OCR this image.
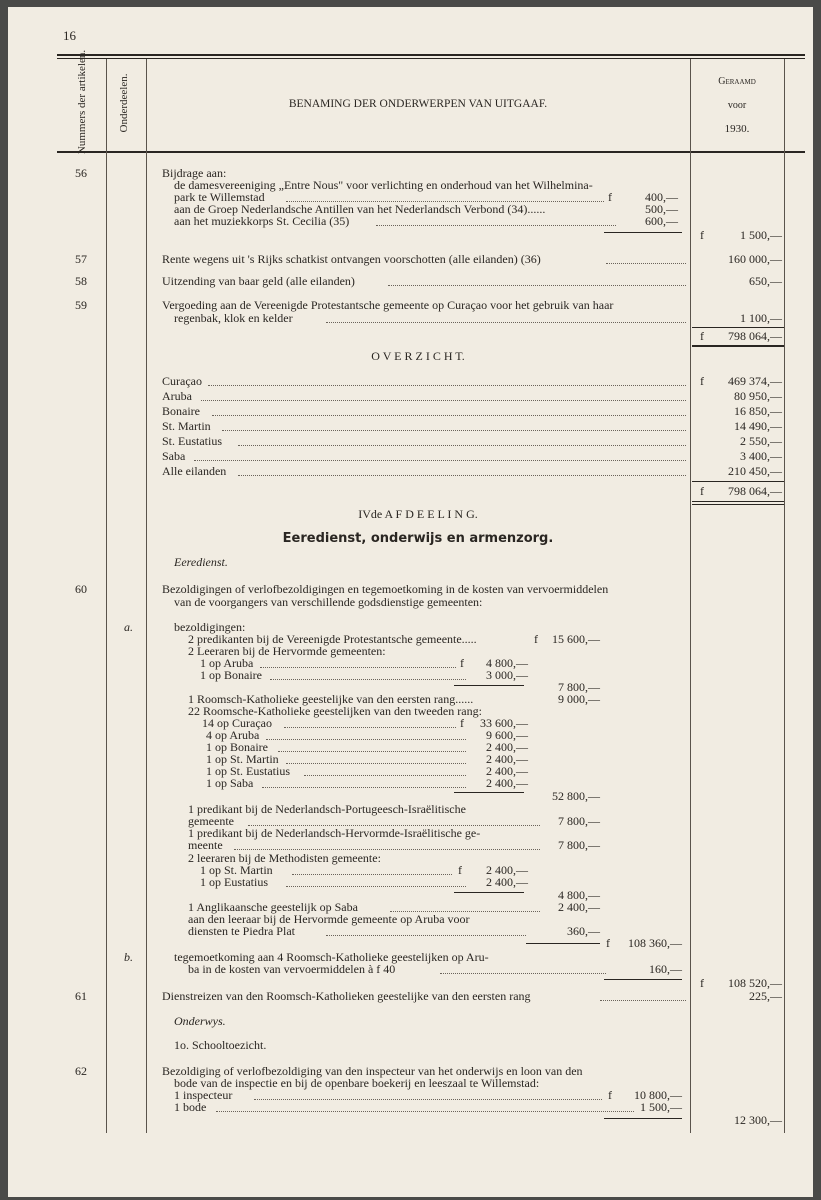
16
Nummers der artikelen.	Onderdeelen.	BENAMING DER ONDERWERPEN VAN UITGAAF.
Geraamd
voor
1930.
56	Bijdrage aan:
de damesvereeniging „Entre Nous" voor verlichting en onderhoud van het Wilhelmina-
park te Willemstad	f	400,—
aan de Groep Nederlandsche Antillen van het Nederlandsch Verbond (34)......	500,—
aan het muziekkorps St. Cecilia (35)	600,—
f	1 500,—
57	Rente wegens uit 's Rijks schatkist ontvangen voorschotten (alle eilanden) (36)	160 000,—
58	Uitzending van baar geld (alle eilanden)	650,—
59	Vergoeding aan de Vereenigde Protestantsche gemeente op Curaçao voor het gebruik van haar
regenbak, klok en kelder	1 100,—
f	798 064,—
O V E R Z I C H T.
Curaçao	f	469 374,—
Aruba	80 950,—
Bonaire	16 850,—
St. Martin	14 490,—
St. Eustatius	2 550,—
Saba	3 400,—
Alle eilanden	210 450,—
f	798 064,—
IVde A F D E E L I N G.
Eeredienst, onderwijs en armenzorg.
Eeredienst.
60	Bezoldigingen of verlofbezoldigingen en tegemoetkoming in de kosten van vervoermiddelen
van de voorgangers van verschillende godsdienstige gemeenten:
a.	bezoldigingen:
2 predikanten bij de Vereenigde Protestantsche gemeente.....	f	15 600,—
2 Leeraren bij de Hervormde gemeenten:
1 op Aruba	f	4 800,—
1 op Bonaire	3 000,—
7 800,—
1 Roomsch-Katholieke geestelijke van den eersten rang......	9 000,—
22 Roomsche-Katholieke geestelijken van den tweeden rang:
14 op Curaçao	f	33 600,—
4 op Aruba	9 600,—
1 op Bonaire	2 400,—
1 op St. Martin	2 400,—
1 op St. Eustatius	2 400,—
1 op Saba	2 400,—
52 800,—
1 predikant bij de Nederlandsch-Portugeesch-Israëlitische
gemeente	7 800,—
1 predikant bij de Nederlandsch-Hervormde-Israëlitische ge-
meente	7 800,—
2 leeraren bij de Methodisten gemeente:
1 op St. Martin	f	2 400,—
1 op Eustatius	2 400,—
4 800,—
1 Anglikaansche geestelijk op Saba	2 400,—
aan den leeraar bij de Hervormde gemeente op Aruba voor
diensten te Piedra Plat	360,—
f	108 360,—
b.	tegemoetkoming aan 4 Roomsch-Katholieke geestelijken op Aru-
ba in de kosten van vervoermiddelen à f 40	160,—
f	108 520,—
61	Dienstreizen van den Roomsch-Katholieken geestelijke van den eersten rang	225,—
Onderwys.
1o. Schooltoezicht.
62	Bezoldiging of verlofbezoldiging van den inspecteur van het onderwijs en loon van den
bode van de inspectie en bij de openbare boekerij en leeszaal te Willemstad:
1 inspecteur	f	10 800,—
1 bode	1 500,—
12 300,—
